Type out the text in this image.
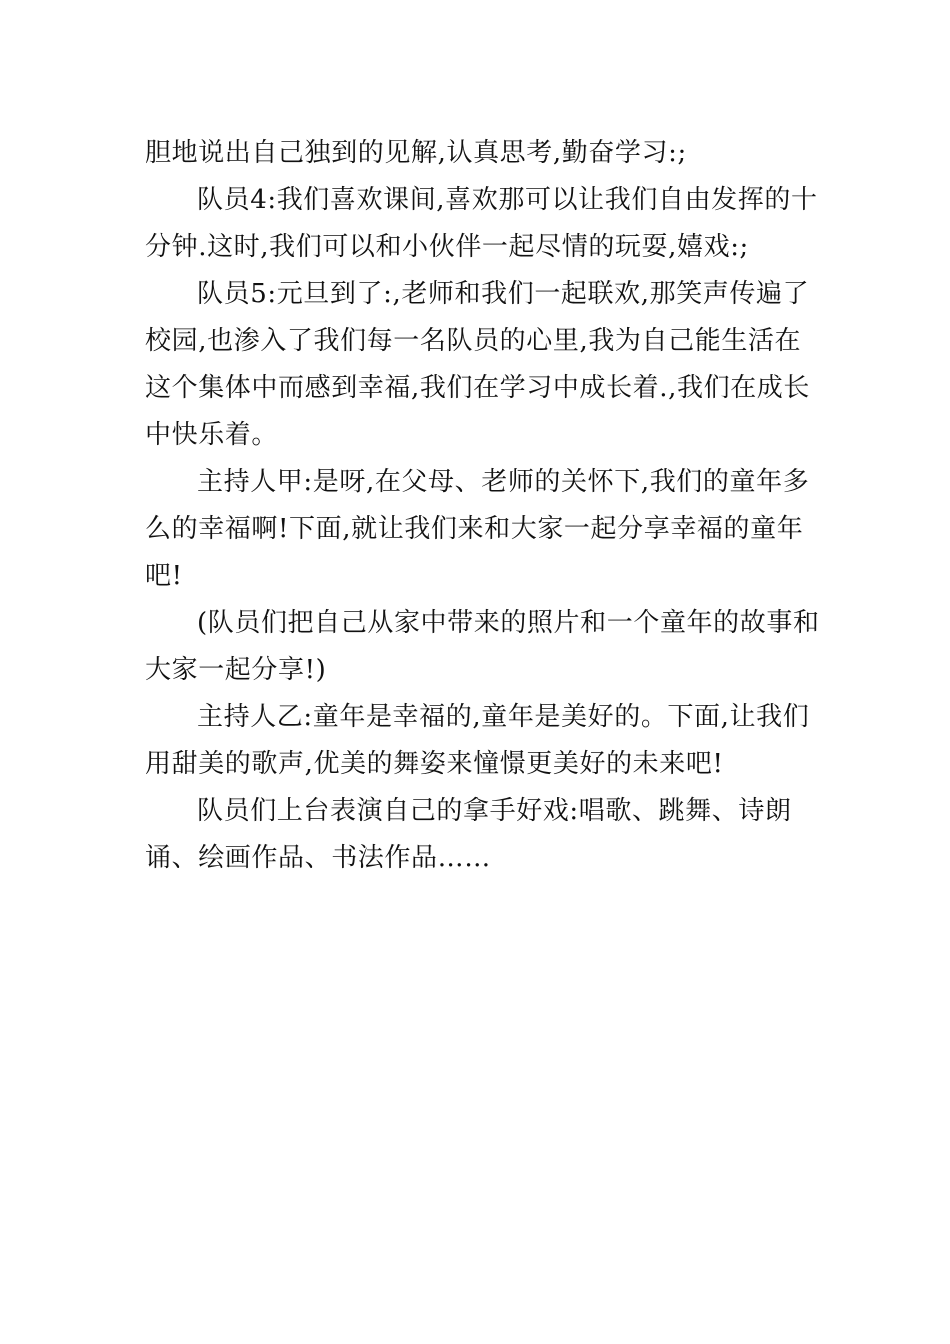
胆地说出自己独到的见解,认真思考,勤奋学习:;

队员4:我们喜欢课间,喜欢那可以让我们自由发挥的十分钟.这时,我们可以和小伙伴一起尽情的玩耍,嬉戏:;

队员5:元旦到了:,老师和我们一起联欢,那笑声传遍了校园,也渗入了我们每一名队员的心里,我为自己能生活在这个集体中而感到幸福,我们在学习中成长着.,我们在成长中快乐着。

主持人甲:是呀,在父母、老师的关怀下,我们的童年多么的幸福啊!下面,就让我们来和大家一起分享幸福的童年吧!

(队员们把自己从家中带来的照片和一个童年的故事和大家一起分享!)

主持人乙:童年是幸福的,童年是美好的。下面,让我们用甜美的歌声,优美的舞姿来憧憬更美好的未来吧!

队员们上台表演自己的拿手好戏:唱歌、跳舞、诗朗诵、绘画作品、书法作品……
